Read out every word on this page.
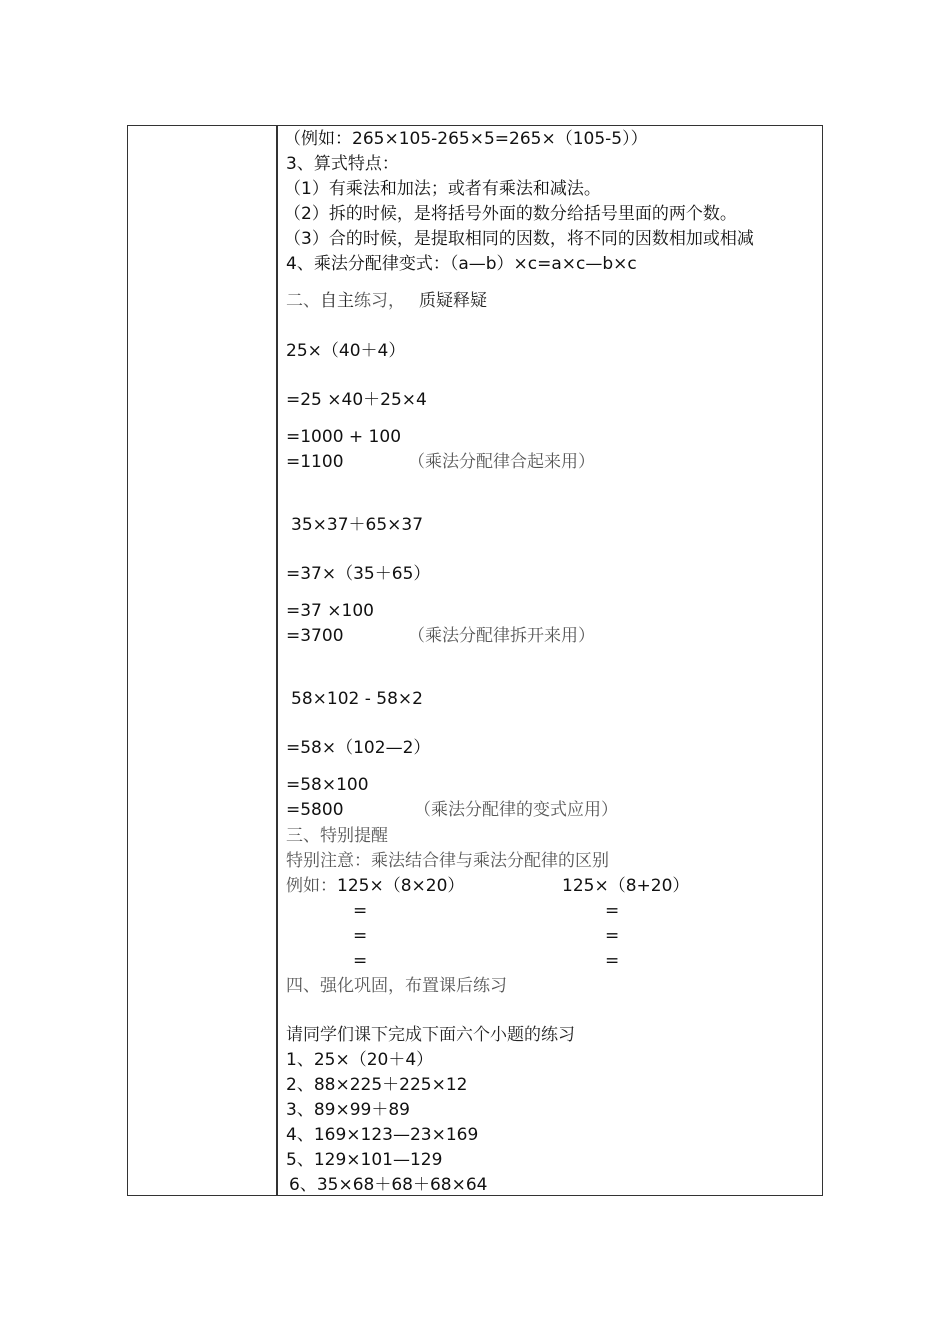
（例如：265×105-265×5=265×（105-5））
3、算式特点：
（1）有乘法和加法；或者有乘法和减法。
（2）拆的时候，是将括号外面的数分给括号里面的两个数。
（3）合的时候，是提取相同的因数，将不同的因数相加或相减
4、乘法分配律变式：（a—b）×c=a×c—b×c
二、自主练习， 质疑释疑
25×（40＋4）
=25 ×40＋25×4
=1000 + 100
=1100	（乘法分配律合起来用）
35×37＋65×37
=37×（35＋65）
=37 ×100
=3700	（乘法分配律拆开来用）
58×102 - 58×2
=58×（102—2）
=58×100
=5800	（乘法分配律的变式应用）
三、特别提醒
特别注意：乘法结合律与乘法分配律的区别
例如：125×（8×20）	125×（8+20）
=	=
=	=
=	=
四、强化巩固，布置课后练习
请同学们课下完成下面六个小题的练习
1、25×（20＋4）
2、88×225＋225×12
3、89×99＋89
4、169×123—23×169
5、129×101—129
6、35×68＋68＋68×64
